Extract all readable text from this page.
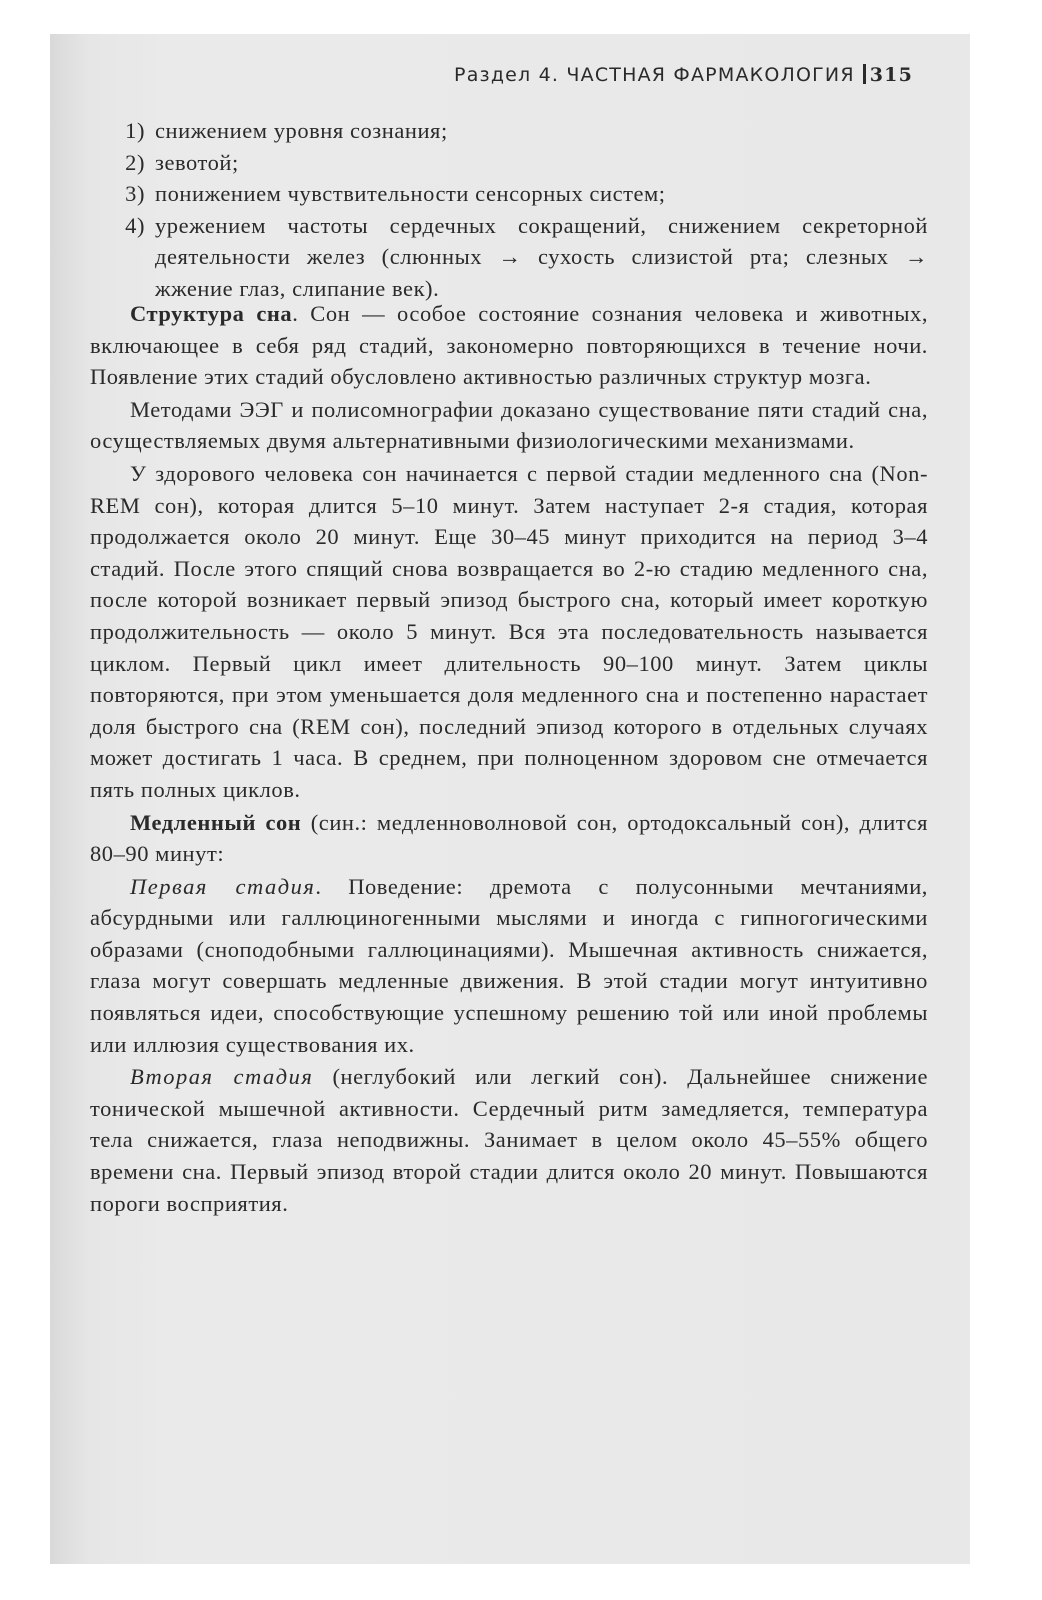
Раздел 4. ЧАСТНАЯ ФАРМАКОЛОГИЯ 315
1) снижением уровня сознания;
2) зевотой;
3) понижением чувствительности сенсорных систем;
4) урежением частоты сердечных сокращений, снижением секреторной деятельности желез (слюнных → сухость слизистой рта; слезных → жжение глаз, слипание век).

Структура сна. Сон — особое состояние сознания человека и животных, включающее в себя ряд стадий, закономерно повторяющихся в течение ночи. Появление этих стадий обусловлено активностью различных структур мозга.

Методами ЭЭГ и полисомнографии доказано существование пяти стадий сна, осуществляемых двумя альтернативными физиологическими механизмами.

У здорового человека сон начинается с первой стадии медленного сна (Non-REM сон), которая длится 5–10 минут. Затем наступает 2-я стадия, которая продолжается около 20 минут. Еще 30–45 минут приходится на период 3–4 стадий. После этого спящий снова возвращается во 2-ю стадию медленного сна, после которой возникает первый эпизод быстрого сна, который имеет короткую продолжительность — около 5 минут. Вся эта последовательность называется циклом. Первый цикл имеет длительность 90–100 минут. Затем циклы повторяются, при этом уменьшается доля медленного сна и постепенно нарастает доля быстрого сна (REM сон), последний эпизод которого в отдельных случаях может достигать 1 часа. В среднем, при полноценном здоровом сне отмечается пять полных циклов.

Медленный сон (син.: медленноволновой сон, ортодоксальный сон), длится 80–90 минут:

Первая стадия. Поведение: дремота с полусонными мечтаниями, абсурдными или галлюциногенными мыслями и иногда с гипногогическими образами (сноподобными галлюцинациями). Мышечная активность снижается, глаза могут совершать медленные движения. В этой стадии могут интуитивно появляться идеи, способствующие успешному решению той или иной проблемы или иллюзия существования их.

Вторая стадия (неглубокий или легкий сон). Дальнейшее снижение тонической мышечной активности. Сердечный ритм замедляется, температура тела снижается, глаза неподвижны. Занимает в целом около 45–55% общего времени сна. Первый эпизод второй стадии длится около 20 минут. Повышаются пороги восприятия.
